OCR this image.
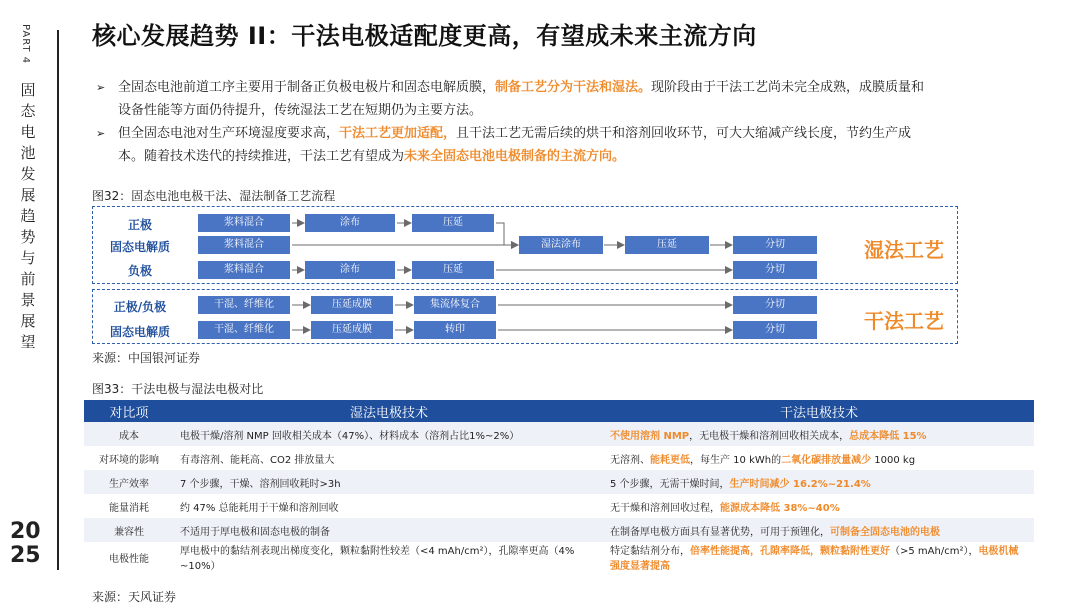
PART 4
固态电池发展趋势与前景展望
20
25
核心发展趋势 II：干法电极适配度更高，有望成未来主流方向
➢ 全固态电池前道工序主要用于制备正负极电极片和固态电解质膜，制备工艺分为干法和湿法。现阶段由于干法工艺尚未完全成熟，成膜质量和设备性能等方面仍待提升，传统湿法工艺在短期仍为主要方法。
➢ 但全固态电池对生产环境湿度要求高，干法工艺更加适配，且干法工艺无需后续的烘干和溶剂回收环节，可大大缩减产线长度，节约生产成本。随着技术迭代的持续推进，干法工艺有望成为未来全固态电池电极制备的主流方向。
图32：固态电池电极干法、湿法制备工艺流程
正极
固态电解质
负极
浆料混合	涂布	压延
浆料混合	湿法涂布	压延	分切
浆料混合	涂布	压延	分切
湿法工艺
正极/负极
固态电解质
干混、纤维化	压延成膜	集流体复合	分切
干混、纤维化	压延成膜	转印	分切	干法工艺
来源：中国银河证券
图33：干法电极与湿法电极对比
对比项	湿法电极技术	干法电极技术
成本	电极干燥/溶剂 NMP 回收相关成本（47%）、材料成本（溶剂占比1%~2%）	不使用溶剂 NMP，无电极干燥和溶剂回收相关成本，总成本降低 15%
对环境的影响	有毒溶剂、能耗高、CO2 排放量大	无溶剂、能耗更低，每生产 10 kWh的二氧化碳排放量减少 1000 kg
生产效率	7 个步骤，干燥、溶剂回收耗时>3h	5 个步骤，无需干燥时间，生产时间减少 16.2%~21.4%
能量消耗	约 47% 总能耗用于干燥和溶剂回收	无干燥和溶剂回收过程，能源成本降低 38%~40%
兼容性	不适用于厚电极和固态电极的制备	在制备厚电极方面具有显著优势，可用于预锂化，可制备全固态电池的电极
电极性能	厚电极中的黏结剂表现出梯度变化，颗粒黏附性较差（<4 mAh/cm²），孔隙率更高（4% ~10%）	特定黏结剂分布，倍率性能提高，孔隙率降低，颗粒黏附性更好（>5 mAh/cm²），电极机械强度显著提高
来源：天风证券
